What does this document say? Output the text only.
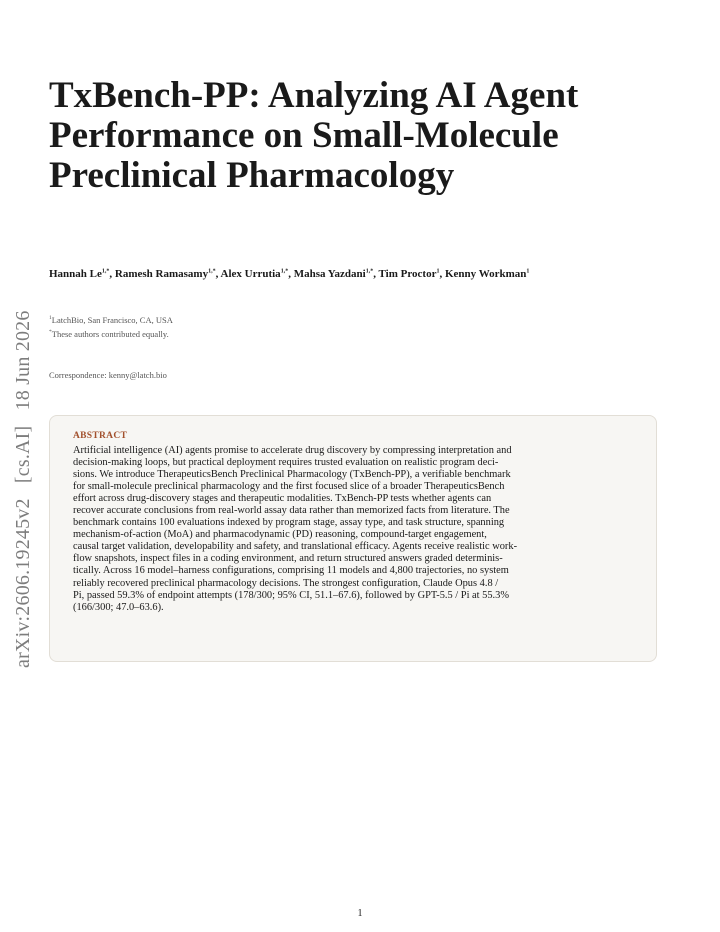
arXiv:2606.19245v2 [cs.AI] 18 Jun 2026
TxBench-PP: Analyzing AI Agent
Performance on Small-Molecule
Preclinical Pharmacology
Hannah $Le^{1,*}$, Ramesh Ramasamy$^{1,*}$, Alex Urrutia$^{1,*}$, Mahsa Yazdani$^{1,*}$, Tim Proctor$^1$, Kenny Workman$^1$
$^1$LatchBio, San Francisco, CA, USA
*These authors contributed equally.
Correspondence: kenny@latch.bio
ABSTRACT
Artificial intelligence (AI) agents promise to accelerate drug discovery by compressing interpretation and
decision-making loops, but practical deployment requires trusted evaluation on realistic program deci-
sions. We introduce TherapeuticsBench Preclinical Pharmacology (TxBench-PP), a verifiable benchmark
for small-molecule preclinical pharmacology and the first focused slice of a broader TherapeuticsBench
effort across drug-discovery stages and therapeutic modalities. TxBench-PP tests whether agents can
recover accurate conclusions from real-world assay data rather than memorized facts from literature. The
benchmark contains 100 evaluations indexed by program stage, assay type, and task structure, spanning
mechanism-of-action (MoA) and pharmacodynamic (PD) reasoning, compound-target engagement,
causal target validation, developability and safety, and translational efficacy. Agents receive realistic work-
flow snapshots, inspect files in a coding environment, and return structured answers graded determinis-
tically. Across 16 model–harness configurations, comprising 11 models and 4,800 trajectories, no system
reliably recovered preclinical pharmacology decisions. The strongest configuration, Claude Opus 4.8 /
Pi, passed 59.3% of endpoint attempts (178/300; 95% CI, 51.1–67.6), followed by GPT-5.5 / Pi at 55.3%
(166/300; 47.0–63.6).
1
